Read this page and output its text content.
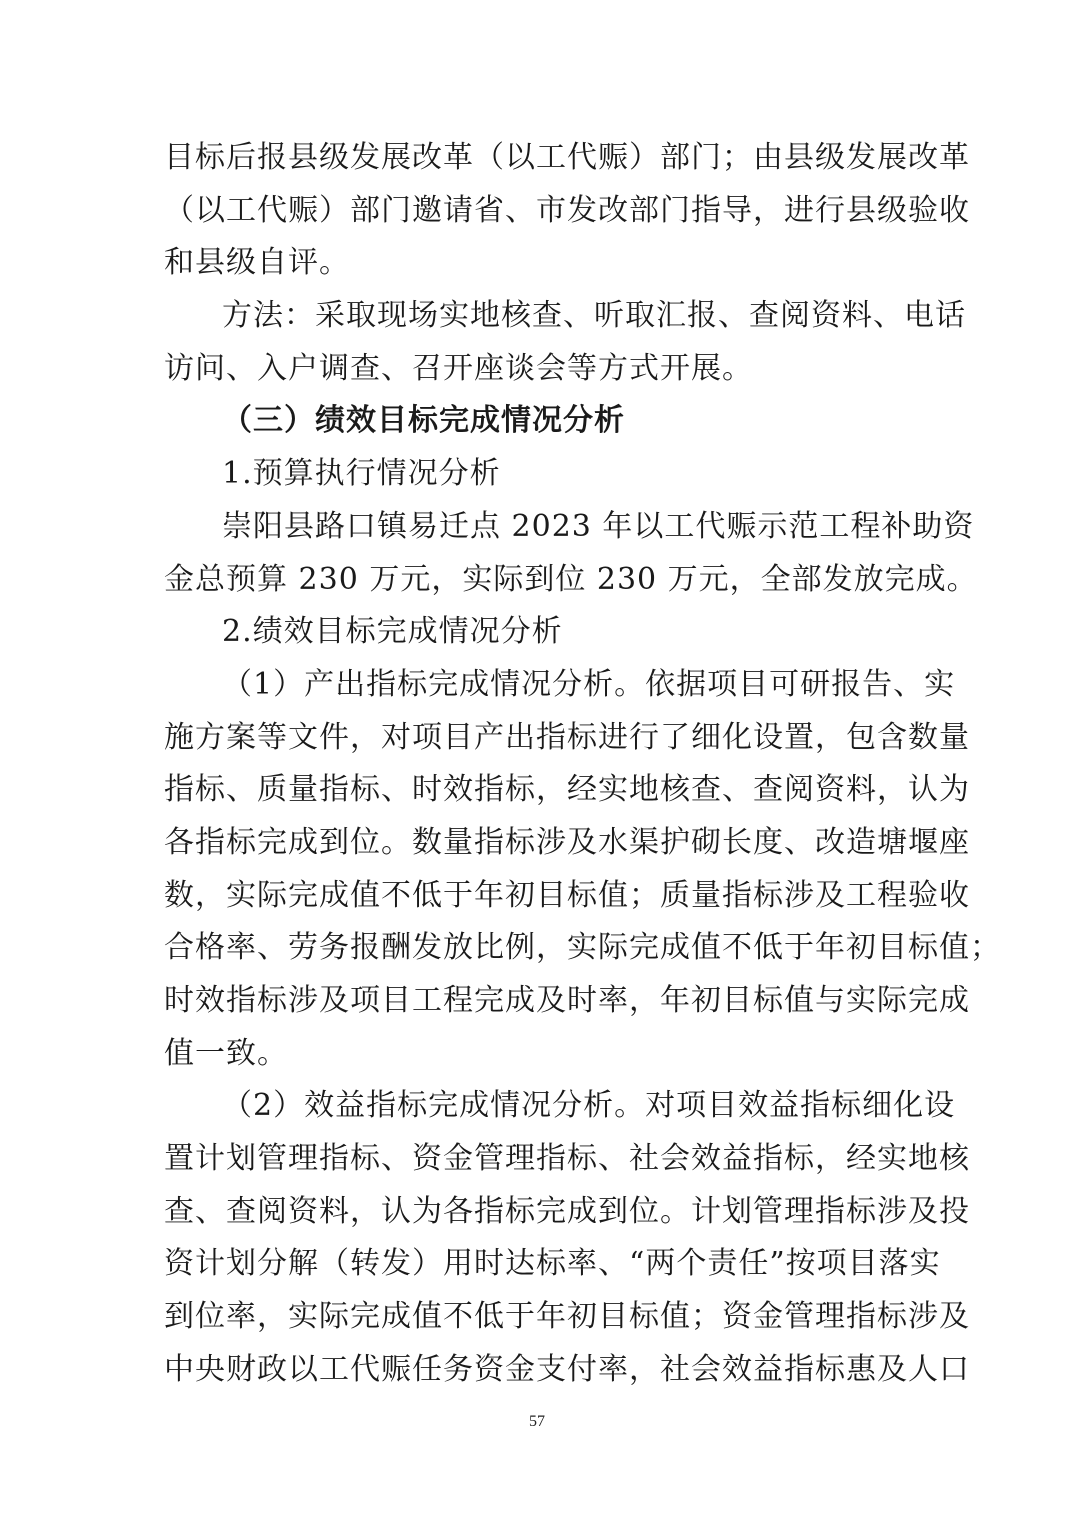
目标后报县级发展改革（以工代赈）部门；由县级发展改革
（以工代赈）部门邀请省、市发改部门指导，进行县级验收
和县级自评。
方法：采取现场实地核查、听取汇报、查阅资料、电话
访问、入户调查、召开座谈会等方式开展。
（三）绩效目标完成情况分析
1.预算执行情况分析
崇阳县路口镇易迁点 2023 年以工代赈示范工程补助资
金总预算 230 万元，实际到位 230 万元，全部发放完成。
2.绩效目标完成情况分析
（1）产出指标完成情况分析。依据项目可研报告、实
施方案等文件，对项目产出指标进行了细化设置，包含数量
指标、质量指标、时效指标，经实地核查、查阅资料，认为
各指标完成到位。数量指标涉及水渠护砌长度、改造塘堰座
数，实际完成值不低于年初目标值；质量指标涉及工程验收
合格率、劳务报酬发放比例，实际完成值不低于年初目标值；
时效指标涉及项目工程完成及时率，年初目标值与实际完成
值一致。
（2）效益指标完成情况分析。对项目效益指标细化设
置计划管理指标、资金管理指标、社会效益指标，经实地核
查、查阅资料，认为各指标完成到位。计划管理指标涉及投
资计划分解（转发）用时达标率、“两个责任”按项目落实
到位率，实际完成值不低于年初目标值；资金管理指标涉及
中央财政以工代赈任务资金支付率，社会效益指标惠及人口
57
